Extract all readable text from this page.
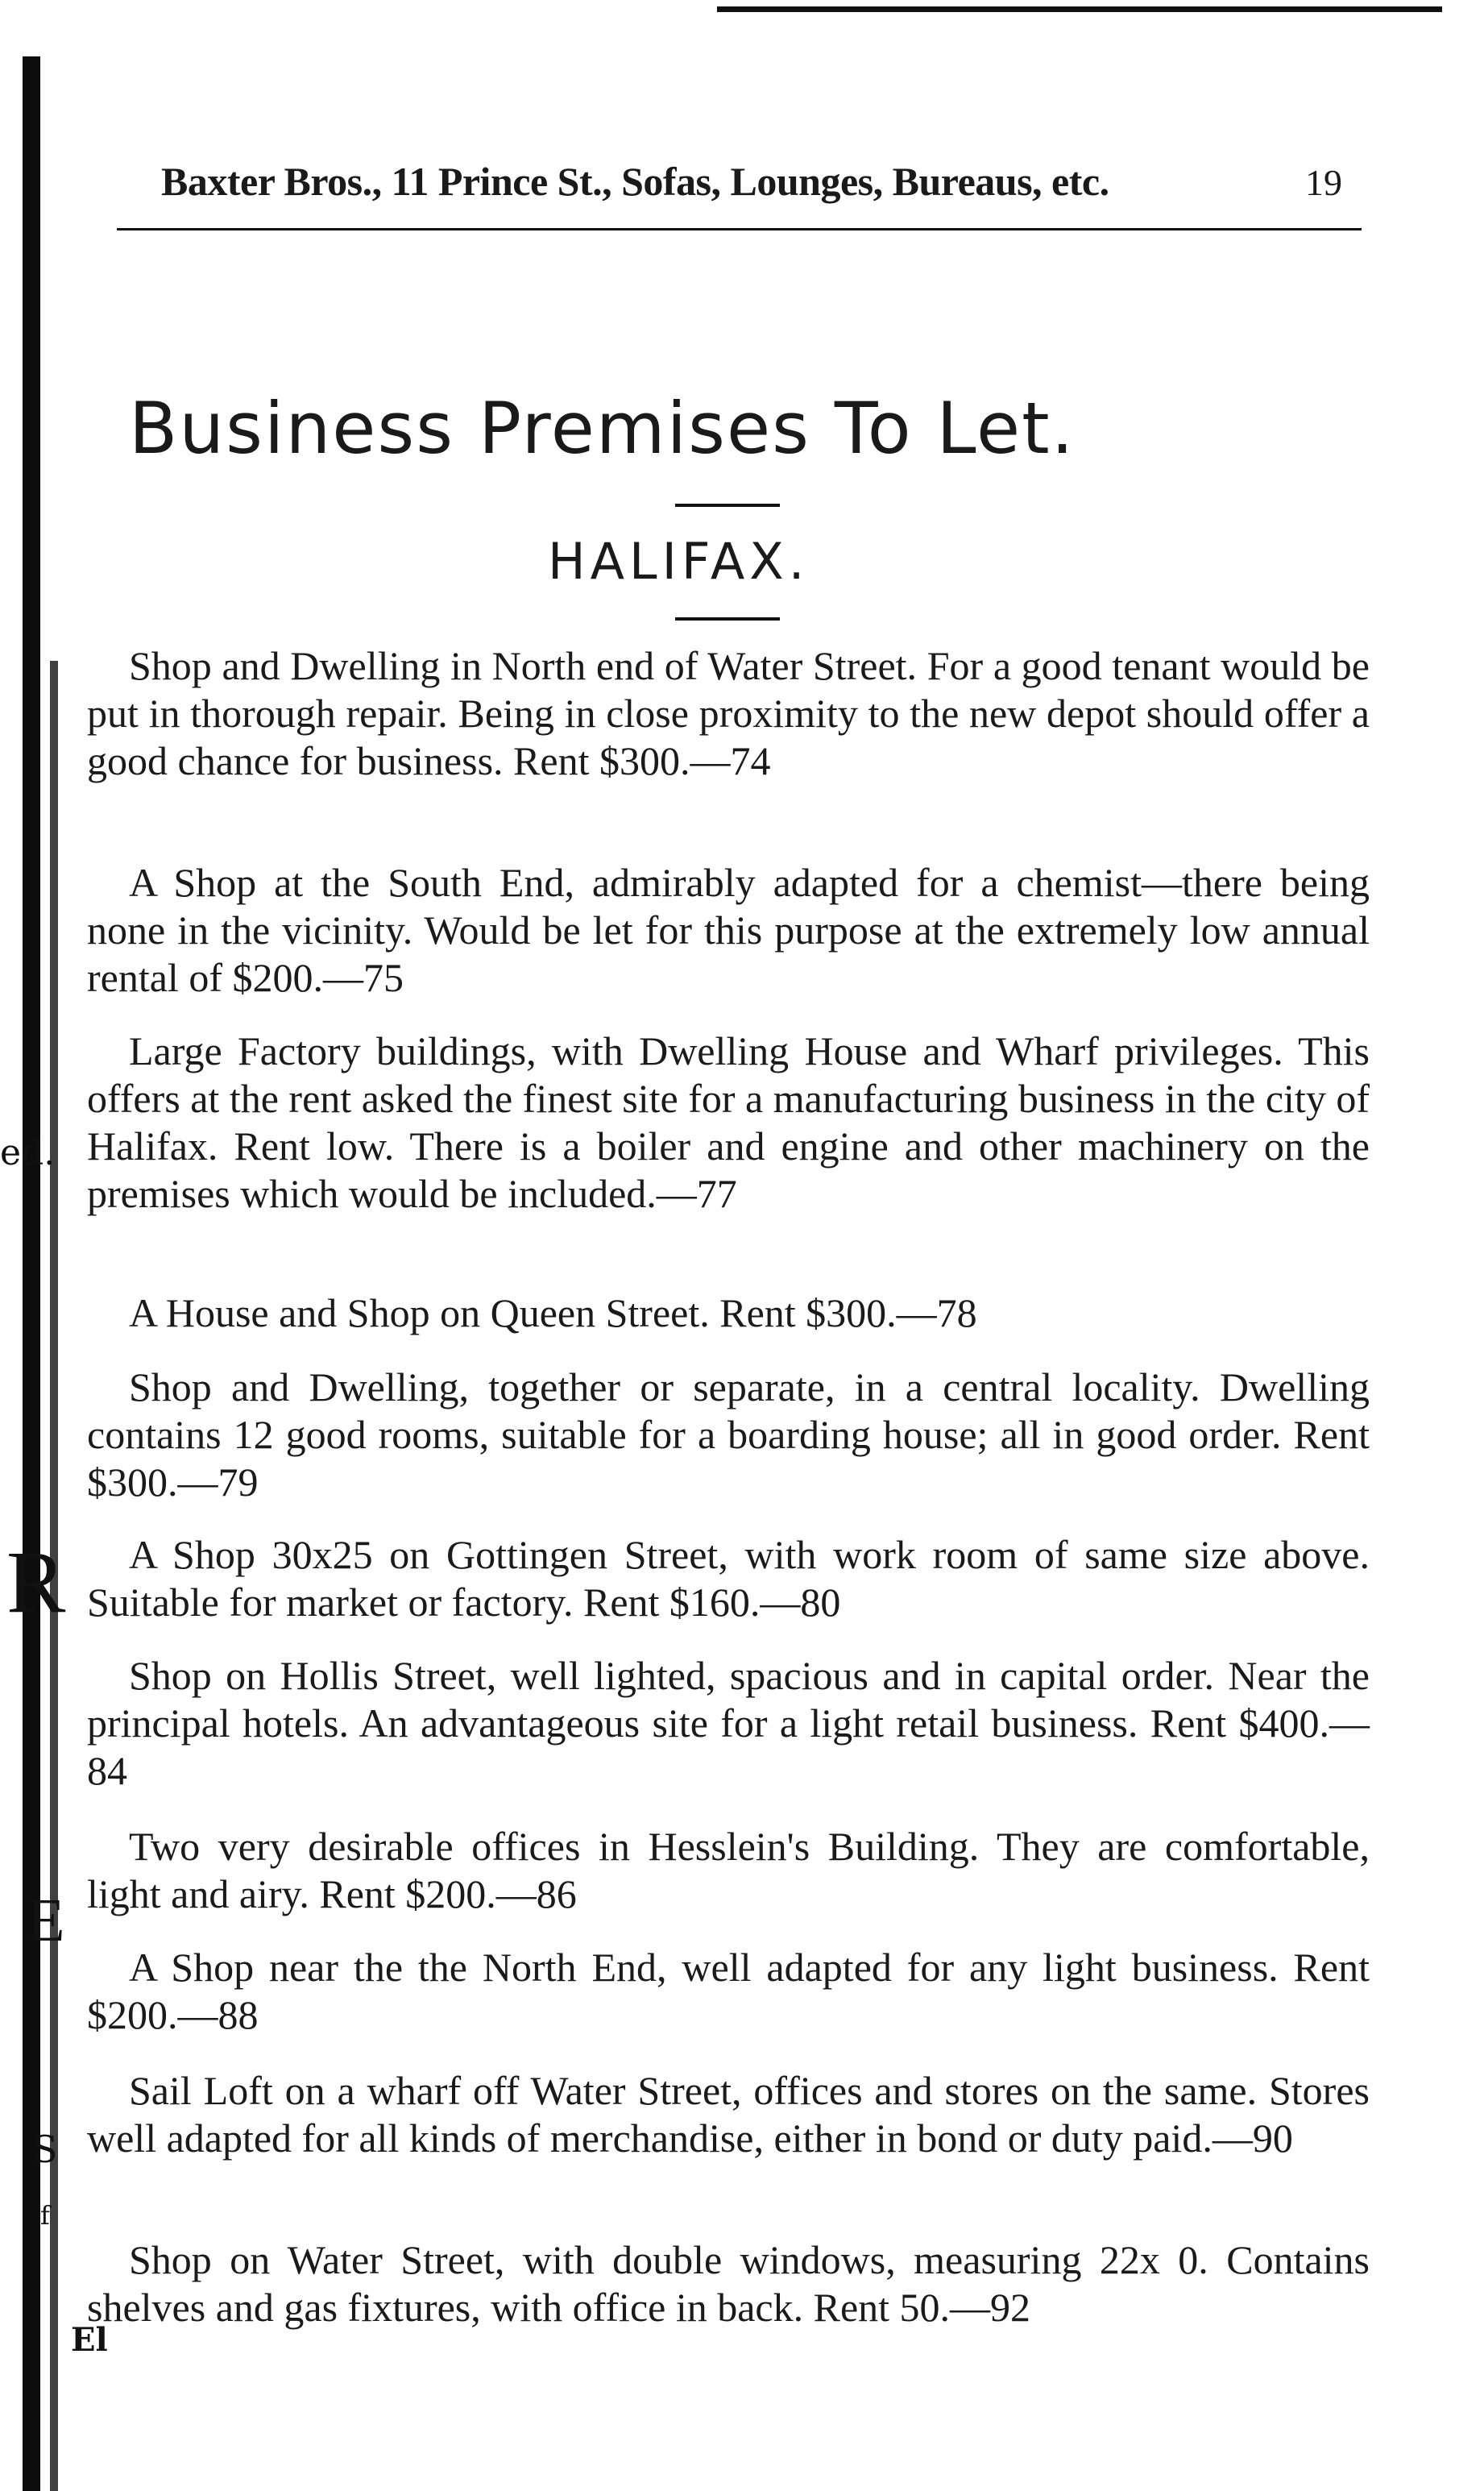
ed.
R
E
S
f
El
Baxter Bros., 11 Prince St., Sofas, Lounges, Bureaus, etc.	19
Business Premises To Let.
HALIFAX.

Shop and Dwelling in North end of Water Street. For a good tenant would be put in thorough repair. Being in close proximity to the new depot should offer a good chance for business. Rent $300.—74

A Shop at the South End, admirably adapted for a chemist—there being none in the vicinity. Would be let for this purpose at the extremely low annual rental of $200.—75

Large Factory buildings, with Dwelling House and Wharf privileges. This offers at the rent asked the finest site for a manufacturing business in the city of Halifax. Rent low. There is a boiler and engine and other machinery on the premises which would be included.—77

A House and Shop on Queen Street. Rent $300.—78

Shop and Dwelling, together or separate, in a central locality. Dwelling contains 12 good rooms, suitable for a boarding house; all in good order. Rent $300.—79

A Shop 30x25 on Gottingen Street, with work room of same size above. Suitable for market or factory. Rent $160.—80

Shop on Hollis Street, well lighted, spacious and in capital order. Near the principal hotels. An advantageous site for a light retail business. Rent $400.—84

Two very desirable offices in Hesslein's Building. They are comfortable, light and airy. Rent $200.—86

A Shop near the the North End, well adapted for any light business. Rent $200.—88

Sail Loft on a wharf off Water Street, offices and stores on the same. Stores well adapted for all kinds of merchandise, either in bond or duty paid.—90

Shop on Water Street, with double windows, measuring 22x 0. Contains shelves and gas fixtures, with office in back. Rent 50.—92
